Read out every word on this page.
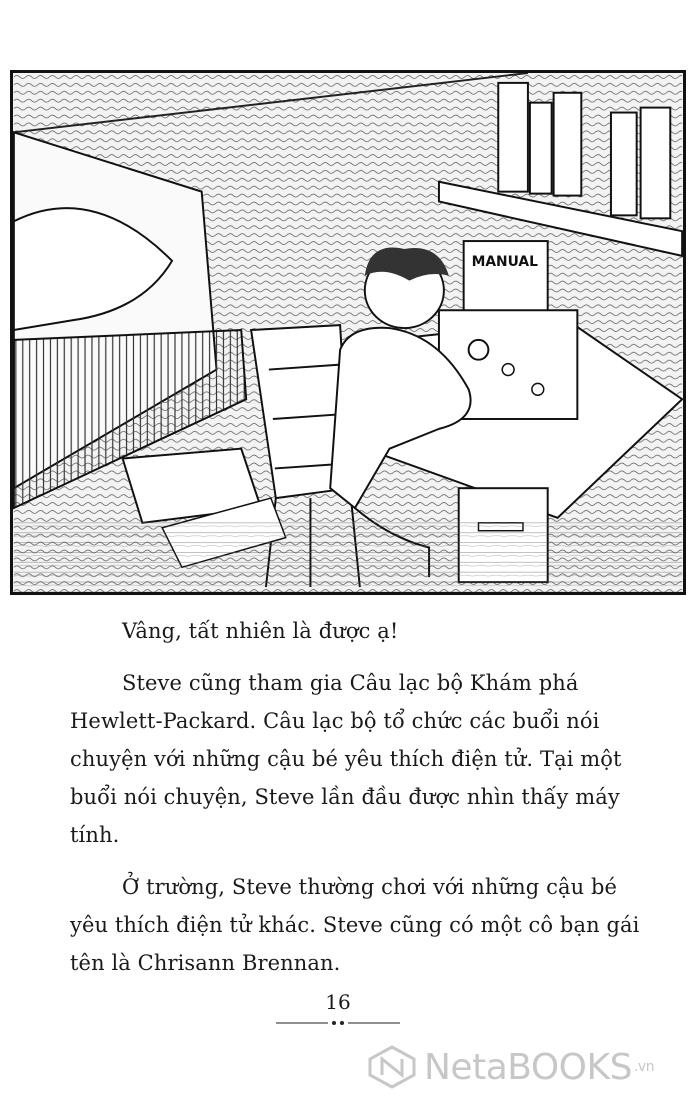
MANUAL

Vâng, tất nhiên là được ạ!

Steve cũng tham gia Câu lạc bộ Khám phá Hewlett-Packard. Câu lạc bộ tổ chức các buổi nói chuyện với những cậu bé yêu thích điện tử. Tại một buổi nói chuyện, Steve lần đầu được nhìn thấy máy tính.

Ở trường, Steve thường chơi với những cậu bé yêu thích điện tử khác. Steve cũng có một cô bạn gái tên là Chrisann Brennan.

16
NetaBOOKS .vn
